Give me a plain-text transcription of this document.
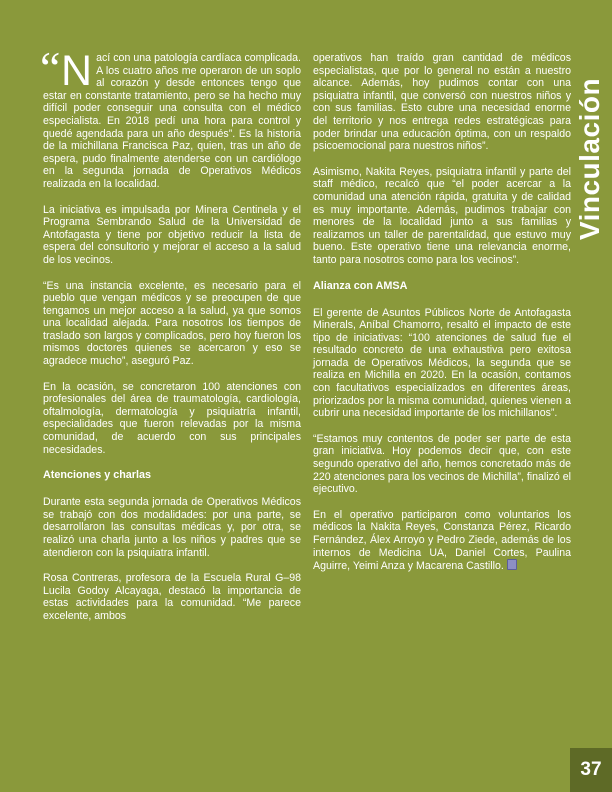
“ Nací con una patología cardíaca complicada. A los cuatro años me operaron de un soplo al corazón y desde entonces tengo que estar en constante tratamiento, pero se ha hecho muy difícil poder conseguir una consulta con el médico especialista. En 2018 pedí una hora para control y quedé agendada para un año después”. Es la historia de la michillana Francisca Paz, quien, tras un año de espera, pudo finalmente atenderse con un cardiólogo en la segunda jornada de Operativos Médicos realizada en la localidad.

La iniciativa es impulsada por Minera Centinela y el Programa Sembrando Salud de la Universidad de Antofagasta y tiene por objetivo reducir la lista de espera del consultorio y mejorar el acceso a la salud de los vecinos.

“Es una instancia excelente, es necesario para el pueblo que vengan médicos y se preocupen de que tengamos un mejor acceso a la salud, ya que somos una localidad alejada. Para nosotros los tiempos de traslado son largos y complicados, pero hoy fueron los mismos doctores quienes se acercaron y eso se agradece mucho”, aseguró Paz.

En la ocasión, se concretaron 100 atenciones con profesionales del área de traumatología, cardiología, oftalmología, dermatología y psiquiatría infantil, especialidades que fueron relevadas por la misma comunidad, de acuerdo con sus principales necesidades.

Atenciones y charlas

Durante esta segunda jornada de Operativos Médicos se trabajó con dos modalidades: por una parte, se desarrollaron las consultas médicas y, por otra, se realizó una charla junto a los niños y padres que se atendieron con la psiquiatra infantil.

Rosa Contreras, profesora de la Escuela Rural G–98 Lucila Godoy Alcayaga, destacó la importancia de estas actividades para la comunidad. “Me parece excelente, ambos

operativos han traído gran cantidad de médicos especialistas, que por lo general no están a nuestro alcance. Además, hoy pudimos contar con una psiquiatra infantil, que conversó con nuestros niños y con sus familias. Esto cubre una necesidad enorme del territorio y nos entrega redes estratégicas para poder brindar una educación óptima, con un respaldo psicoemocional para nuestros niños”.

Asimismo, Nakita Reyes, psiquiatra infantil y parte del staff médico, recalcó que “el poder acercar a la comunidad una atención rápida, gratuita y de calidad es muy importante. Además, pudimos trabajar con menores de la localidad junto a sus familias y realizamos un taller de parentalidad, que estuvo muy bueno. Este operativo tiene una relevancia enorme, tanto para nosotros como para los vecinos”.

Alianza con AMSA

El gerente de Asuntos Públicos Norte de Antofagasta Minerals, Aníbal Chamorro, resaltó el impacto de este tipo de iniciativas: “100 atenciones de salud fue el resultado concreto de una exhaustiva pero exitosa jornada de Operativos Médicos, la segunda que se realiza en Michilla en 2020. En la ocasión, contamos con facultativos especializados en diferentes áreas, priorizados por la misma comunidad, quienes vienen a cubrir una necesidad importante de los michillanos”.

“Estamos muy contentos de poder ser parte de esta gran iniciativa. Hoy podemos decir que, con este segundo operativo del año, hemos concretado más de 220 atenciones para los vecinos de Michilla”, finalizó el ejecutivo.

En el operativo participaron como voluntarios los médicos la Nakita Reyes, Constanza Pérez, Ricardo Fernández, Álex Arroyo y Pedro Ziede, además de los internos de Medicina UA, Daniel Cortes, Paulina Aguirre, Yeimi Anza y Macarena Castillo.

Vinculación
37
